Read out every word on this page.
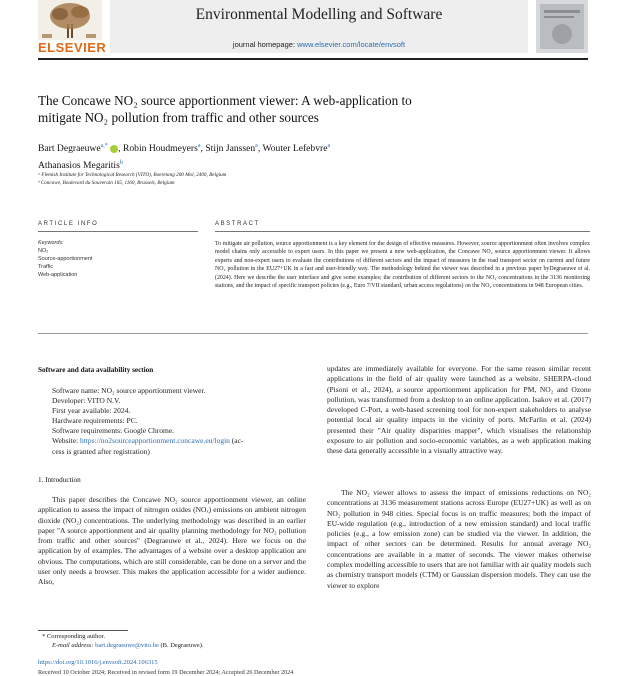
ELSEVIER
Environmental Modelling and Software
journal homepage: www.elsevier.com/locate/envsoft
The Concawe NO₂ source apportionment viewer: A web-application to
mitigate NO₂ pollution from traffic and other sources
Bart Degraeuwe$^{a,*}$ , Robin Houdmeyers$^a$, Stijn Janssen$^a$, Wouter Lefebvre$^a$
Athanasios Megaritis$^b$
ᵃ Flemish Institute for Technological Research (VITO), Boeretang 200 Mol, 2400, Belgium
ᵇ Concawe, Boulevard du Souverain 165, 1160, Brussels, Belgium
ARTICLE INFO	ABSTRACT
Keywords:
NO₂
Source-apportionment
Traffic
Web-application
To mitigate air pollution, source apportionment is a key element for the design of effective measures. However, source apportionment often involves complex model chains only accessible to expert users. In this paper we present a new web-application, the Concawe NO₂ source apportionment viewer. It allows experts and non-expert users to evaluate the contributions of different sectors and the impact of measures in the road transport sector on current and future NO₂ pollution in the EU27+UK in a fast and user-friendly way. The methodology behind the viewer was described in a previous paper byDegraeuwe et al. (2024). Here we describe the user interface and give some examples; the contribution of different sectors to the NO₂ concentrations in the 3136 monitoring stations, and the impact of specific transport policies (e.g., Euro 7/VII standard, urban access regulations) on the NO₂ concentrations in 948 European cities.
Software and data availability section
Software name: NO₂ source apportionment viewer.
Developer: VITO N.V.
First year available: 2024.
Hardware requirements: PC.
Software requirements: Google Chrome.
Website: https://no2sourceapportionment.concawe.eu/login (ac-
cess is granted after registration)
1. Introduction
This paper describes the Concawe NO₂ source apportionment viewer, an online application to assess the impact of nitrogen oxides (NOₓ) emissions on ambient nitrogen dioxide (NO₂) concentrations. The underlying methodology was described in an earlier paper "A source apportionment and air quality planning methodology for NO₂ pollution from traffic and other sources" (Degraeuwe et al., 2024). Here we focus on the application by of examples. The advantages of a website over a desktop application are obvious. The computations, which are still considerable, can be done on a server and the user only needs a browser. This makes the application accessible for a wider audience. Also,
updates are immediately available for everyone. For the same reason similar recent applications in the field of air quality were launched as a website. SHERPA-cloud (Pisoni et al., 2024), a source apportionment application for PM, NO₂ and Ozone pollution, was transformed from a desktop to an online application. Isakov et al. (2017) developed C-Port, a web-based screening tool for non-expert stakeholders to analyse potential local air quality impacts in the vicinity of ports. McFarlin et al. (2024) presented their "Air quality disparities mapper", which visualises the relationship exposure to air pollution and socio-economic variables, as a web application making these data generally accessible in a visually attractive way.
The NO₂ viewer allows to assess the impact of emissions reductions on NO₂ concentrations at 3136 measurement stations across Europe (EU27+UK) as well as on NO₂ pollution in 948 cities. Special focus is on traffic measures; both the impact of EU-wide regulation (e.g., introduction of a new emission standard) and local traffic policies (e.g., a low emission zone) can be studied via the viewer. In addition, the impact of other sectors can be determined. Results for annual average NO₂ concentrations are available in a matter of seconds. The viewer makes otherwise complex modelling accessible to users that are not familiar with air quality models such as chemistry transport models (CTM) or Gaussian dispersion models. They can use the viewer to explore
* Corresponding author.
E-mail address: bart.degraeuwe@vito.be (B. Degraeuwe).
https://doi.org/10.1016/j.envsoft.2024.106315
Received 10 October 2024; Received in revised form 19 December 2024; Accepted 26 December 2024
